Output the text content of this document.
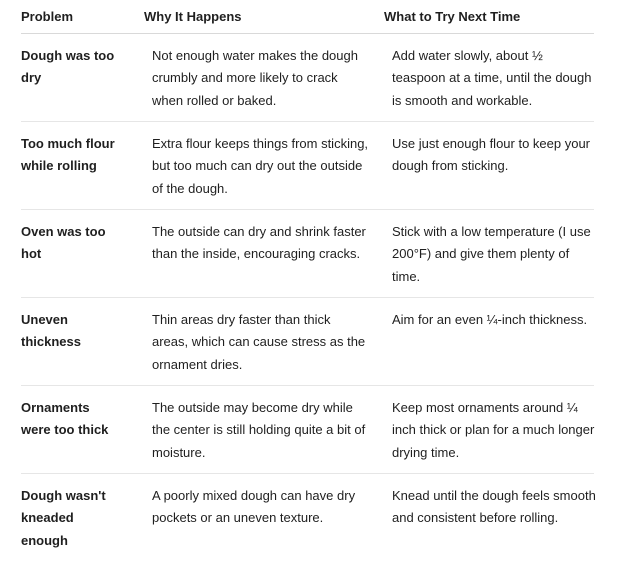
Problem	Why It Happens	What to Try Next Time
Dough was too dry
Not enough water makes the dough crumbly and more likely to crack when rolled or baked.
Add water slowly, about ½ teaspoon at a time, until the dough is smooth and workable.
Too much flour while rolling
Extra flour keeps things from sticking, but too much can dry out the outside of the dough.
Use just enough flour to keep your dough from sticking.
Oven was too hot
The outside can dry and shrink faster than the inside, encouraging cracks.
Stick with a low temperature (I use 200°F) and give them plenty of time.
Uneven thickness
Thin areas dry faster than thick areas, which can cause stress as the ornament dries.
Aim for an even ¼-inch thickness.
Ornaments were too thick
The outside may become dry while the center is still holding quite a bit of moisture.
Keep most ornaments around ¼ inch thick or plan for a much longer drying time.
Dough wasn't kneaded enough
A poorly mixed dough can have dry pockets or an uneven texture.
Knead until the dough feels smooth and consistent before rolling.
